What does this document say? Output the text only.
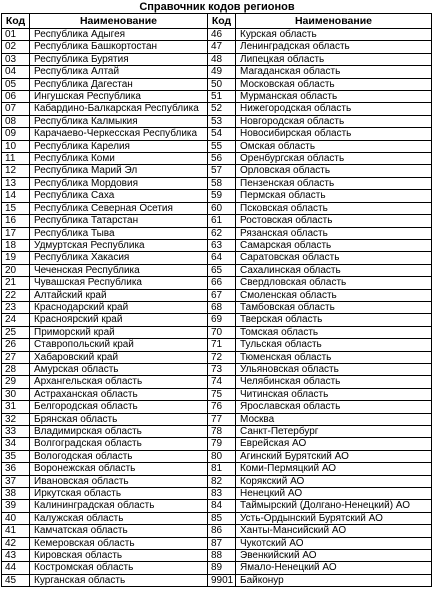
Справочник кодов регионов
Код	Наименование	Код	Наименование
01	Республика Адыгея	46	Курская область
02	Республика Башкортостан	47	Ленинградская область
03	Республика Бурятия	48	Липецкая область
04	Республика Алтай	49	Магаданская область
05	Республика Дагестан	50	Московская область
06	Ингушская Республика	51	Мурманская область
07	Кабардино-Балкарская Республика	52	Нижегородская область
08	Республика Калмыкия	53	Новгородская область
09	Карачаево-Черкесская Республика	54	Новосибирская область
10	Республика Карелия	55	Омская область
11	Республика Коми	56	Оренбургская область
12	Республика Марий Эл	57	Орловская область
13	Республика Мордовия	58	Пензенская область
14	Республика Саха	59	Пермская область
15	Республика Северная Осетия	60	Псковская область
16	Республика Татарстан	61	Ростовская область
17	Республика Тыва	62	Рязанская область
18	Удмуртская Республика	63	Самарская область
19	Республика Хакасия	64	Саратовская область
20	Чеченская Республика	65	Сахалинская область
21	Чувашская Республика	66	Свердловская область
22	Алтайский край	67	Смоленская область
23	Краснодарский край	68	Тамбовская область
24	Красноярский край	69	Тверская область
25	Приморский край	70	Томская область
26	Ставропольский край	71	Тульская область
27	Хабаровский край	72	Тюменская область
28	Амурская область	73	Ульяновская область
29	Архангельская область	74	Челябинская область
30	Астраханская область	75	Читинская область
31	Белгородская область	76	Ярославская область
32	Брянская область	77	Москва
33	Владимирская область	78	Санкт-Петербург
34	Волгоградская область	79	Еврейская АО
35	Вологодская область	80	Агинский Бурятский АО
36	Воронежская область	81	Коми-Пермяцкий АО
37	Ивановская область	82	Корякский АО
38	Иркутская область	83	Ненецкий АО
39	Калининградская область	84	Таймырский (Долгано-Ненецкий) АО
40	Калужская область	85	Усть-Ордынский Бурятский АО
41	Камчатская область	86	Ханты-Мансийский АО
42	Кемеровская область	87	Чукотский АО
43	Кировская область	88	Эвенкийский АО
44	Костромская область	89	Ямало-Ненецкий АО
45	Курганская область	9901	Байконур
